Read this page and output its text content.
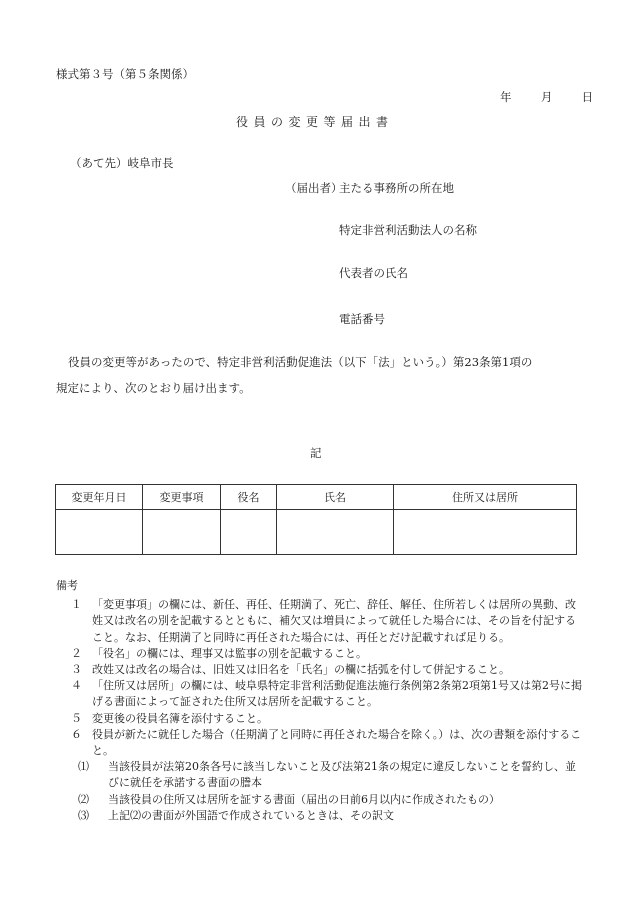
様式第３号（第５条関係）
年	月	日
役員の変更等届出書
（あて先）岐阜市長
（届出者）
主たる事務所の所在地
特定非営利活動法人の名称
代表者の氏名
電話番号
役員の変更等があったので、特定非営利活動促進法（以下「法」という。）第23条第1項の
規定により、次のとおり届け出ます。
記
変更年月日	変更事項	役名	氏名	住所又は居所

備考
１ 「変更事項」の欄には、新任、再任、任期満了、死亡、辞任、解任、住所若しくは居所の異動、改姓又は改名の別を記載するとともに、補欠又は増員によって就任した場合には、その旨を付記すること。なお、任期満了と同時に再任された場合には、再任とだけ記載すれば足りる。
２ 「役名」の欄には、理事又は監事の別を記載すること。
３ 改姓又は改名の場合は、旧姓又は旧名を「氏名」の欄に括弧を付して併記すること。
４ 「住所又は居所」の欄には、岐阜県特定非営利活動促進法施行条例第2条第2項第1号又は第2号に掲げる書面によって証された住所又は居所を記載すること。
５ 変更後の役員名簿を添付すること。
６ 役員が新たに就任した場合（任期満了と同時に再任された場合を除く。）は、次の書類を添付すること。
⑴	当該役員が法第20条各号に該当しないこと及び法第21条の規定に違反しないことを誓約し、並びに就任を承諾する書面の謄本
⑵	当該役員の住所又は居所を証する書面（届出の日前6月以内に作成されたもの）
⑶	上記⑵の書面が外国語で作成されているときは、その訳文
